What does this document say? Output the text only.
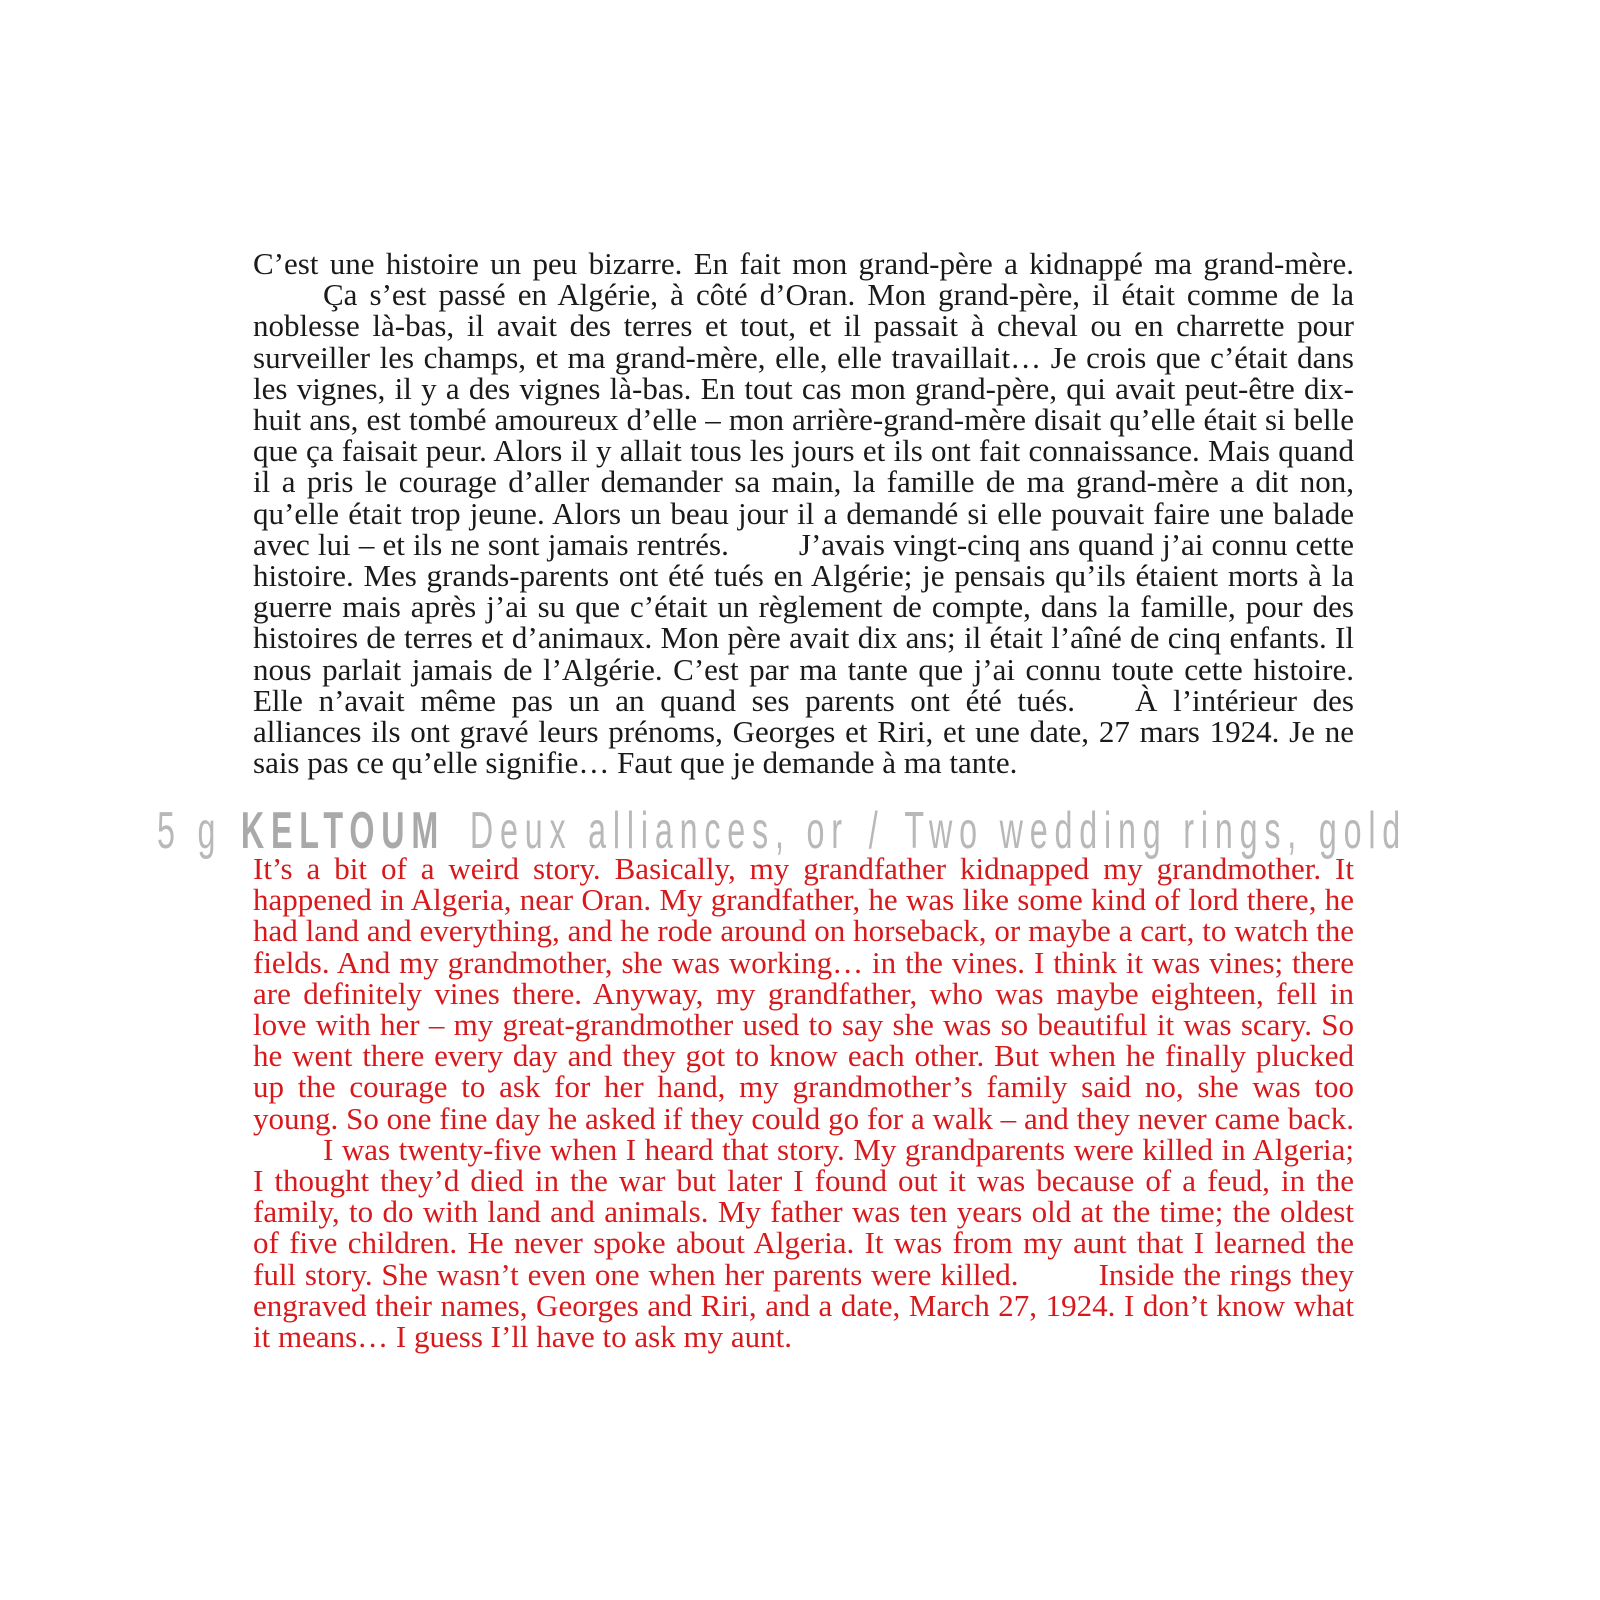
5 g KELTOUM Deux alliances, or / Two wedding rings, gold

C’est une histoire un peu bizarre. En fait mon grand-père a kidnappé ma grand-mère.Ça s’est passé en Algérie, à côté d’Oran. Mon grand-père, il était comme de la noblesse là-bas, il avait des terres et tout, et il passait à cheval ou en charrette pour surveiller les champs, et ma grand-mère, elle, elle travaillait… Je crois que c’était dans les vignes, il y a des vignes là-bas. En tout cas mon grand-père, qui avait peut-être dix-huit ans, est tombé amoureux d’elle – mon arrière-grand-mère disait qu’elle était si belle que ça faisait peur. Alors il y allait tous les jours et ils ont fait connaissance. Mais quand il a pris le courage d’aller demander sa main, la famille de ma grand-mère a dit non, qu’elle était trop jeune. Alors un beau jour il a demandé si elle pouvait faire une balade avec lui – et ils ne sont jamais rentrés. J’avais vingt-cinq ans quand j’ai connu cette histoire. Mes grands-parents ont été tués en Algérie; je pensais qu’ils étaient morts à la guerre mais après j’ai su que c’était un règlement de compte, dans la famille, pour des histoires de terres et d’animaux. Mon père avait dix ans; il était l’aîné de cinq enfants. Il nous parlait jamais de l’Algérie. C’est par ma tante que j’ai connu toute cette histoire. Elle n’avait même pas un an quand ses parents ont été tués. À l’intérieur des alliances ils ont gravé leurs prénoms, Georges et Riri, et une date, 27 mars 1924. Je ne sais pas ce qu’elle signifie… Faut que je demande à ma tante.

It’s a bit of a weird story. Basically, my grandfather kidnapped my grandmother. It happened in Algeria, near Oran. My grandfather, he was like some kind of lord there, he had land and everything, and he rode around on horseback, or maybe a cart, to watch the fields. And my grandmother, she was working… in the vines. I think it was vines; there are definitely vines there. Anyway, my grandfather, who was maybe eighteen, fell in love with her – my great-grandmother used to say she was so beautiful it was scary. So he went there every day and they got to know each other. But when he finally plucked up the courage to ask for her hand, my grandmother’s family said no, she was too young. So one fine day he asked if they could go for a walk – and they never came back.I was twenty-five when I heard that story. My grandparents were killed in Algeria; I thought they’d died in the war but later I found out it was because of a feud, in the family, to do with land and animals. My father was ten years old at the time; the oldest of five children. He never spoke about Algeria. It was from my aunt that I learned the full story. She wasn’t even one when her parents were killed.	Inside the rings they engraved their names, Georges and Riri, and a date, March 27, 1924. I don’t know what it means… I guess I’ll have to ask my aunt.
